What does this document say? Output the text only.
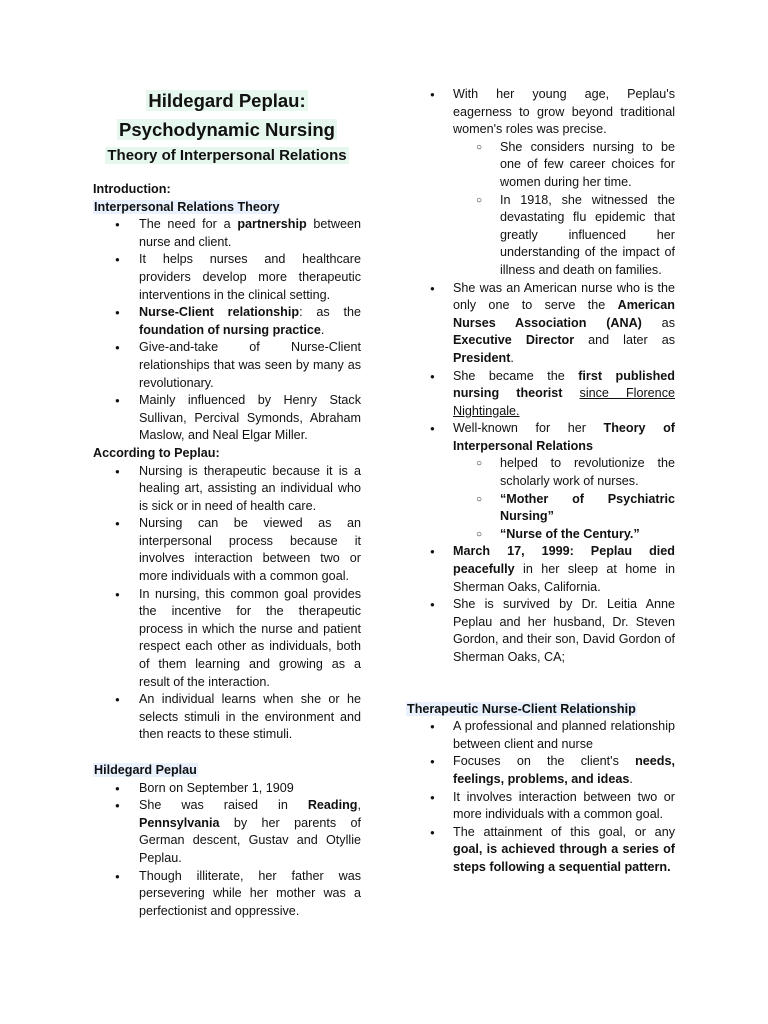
Hildegard Peplau:
Psychodynamic Nursing
Theory of Interpersonal Relations
Introduction:
Interpersonal Relations Theory
● The need for a partnership between nurse and client.
● It helps nurses and healthcare providers develop more therapeutic interventions in the clinical setting.
● Nurse-Client relationship: as the foundation of nursing practice.
● Give-and-take of Nurse-Client relationships that was seen by many as revolutionary.
● Mainly influenced by Henry Stack Sullivan, Percival Symonds, Abraham Maslow, and Neal Elgar Miller.
According to Peplau:
● Nursing is therapeutic because it is a healing art, assisting an individual who is sick or in need of health care.
● Nursing can be viewed as an interpersonal process because it involves interaction between two or more individuals with a common goal.
● In nursing, this common goal provides the incentive for the therapeutic process in which the nurse and patient respect each other as individuals, both of them learning and growing as a result of the interaction.
● An individual learns when she or he selects stimuli in the environment and then reacts to these stimuli.
Hildegard Peplau
● Born on September 1, 1909
● She was raised in Reading, Pennsylvania by her parents of German descent, Gustav and Otyllie Peplau.
● Though illiterate, her father was persevering while her mother was a perfectionist and oppressive.
● With her young age, Peplau's eagerness to grow beyond traditional women's roles was precise.
○ She considers nursing to be one of few career choices for women during her time.
○ In 1918, she witnessed the devastating flu epidemic that greatly influenced her understanding of the impact of illness and death on families.
● She was an American nurse who is the only one to serve the American Nurses Association (ANA) as Executive Director and later as President.
● She became the first published nursing theorist since Florence Nightingale.
● Well-known for her Theory of Interpersonal Relations
○ helped to revolutionize the scholarly work of nurses.
○ “Mother of Psychiatric Nursing”
○ “Nurse of the Century.”
● March 17, 1999: Peplau died peacefully in her sleep at home in Sherman Oaks, California.
● She is survived by Dr. Leitia Anne Peplau and her husband, Dr. Steven Gordon, and their son, David Gordon of Sherman Oaks, CA;
Therapeutic Nurse-Client Relationship
● A professional and planned relationship between client and nurse
● Focuses on the client's needs, feelings, problems, and ideas.
● It involves interaction between two or more individuals with a common goal.
● The attainment of this goal, or any goal, is achieved through a series of steps following a sequential pattern.
